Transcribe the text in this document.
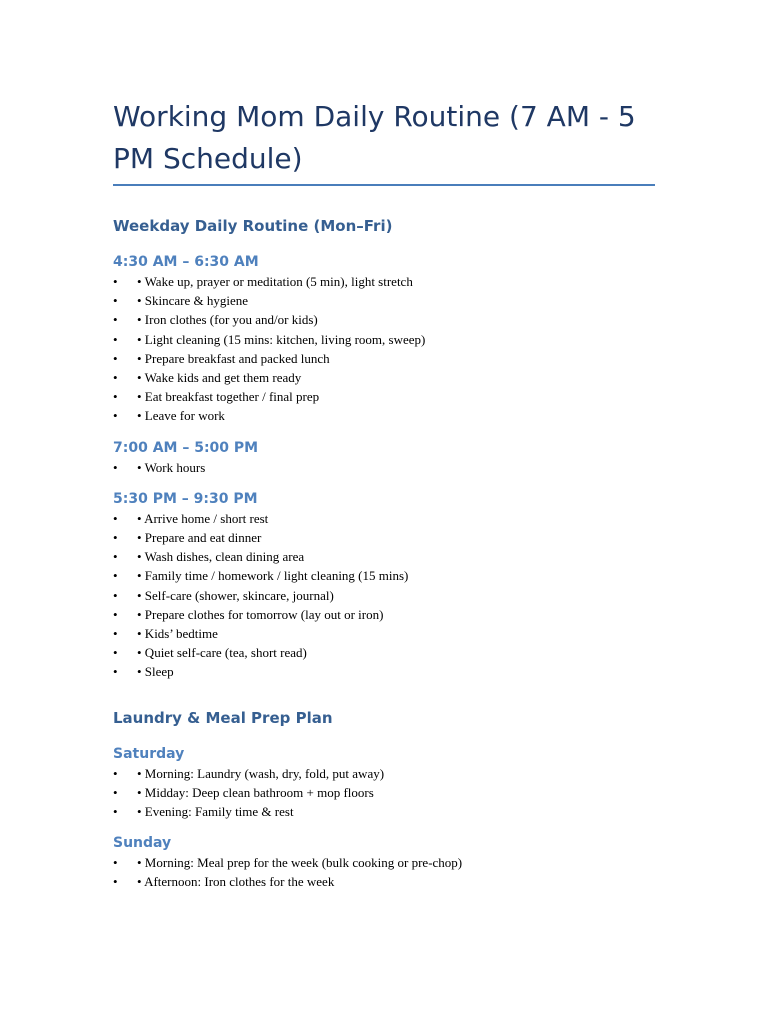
Working Mom Daily Routine (7 AM - 5 PM Schedule)
Weekday Daily Routine (Mon–Fri)
4:30 AM – 6:30 AM
• • Wake up, prayer or meditation (5 min), light stretch
• • Skincare & hygiene
• • Iron clothes (for you and/or kids)
• • Light cleaning (15 mins: kitchen, living room, sweep)
• • Prepare breakfast and packed lunch
• • Wake kids and get them ready
• • Eat breakfast together / final prep
• • Leave for work
7:00 AM – 5:00 PM
• • Work hours
5:30 PM – 9:30 PM
• • Arrive home / short rest
• • Prepare and eat dinner
• • Wash dishes, clean dining area
• • Family time / homework / light cleaning (15 mins)
• • Self-care (shower, skincare, journal)
• • Prepare clothes for tomorrow (lay out or iron)
• • Kids’ bedtime
• • Quiet self-care (tea, short read)
• • Sleep
Laundry & Meal Prep Plan
Saturday
• • Morning: Laundry (wash, dry, fold, put away)
• • Midday: Deep clean bathroom + mop floors
• • Evening: Family time & rest
Sunday
• • Morning: Meal prep for the week (bulk cooking or pre-chop)
• • Afternoon: Iron clothes for the week
